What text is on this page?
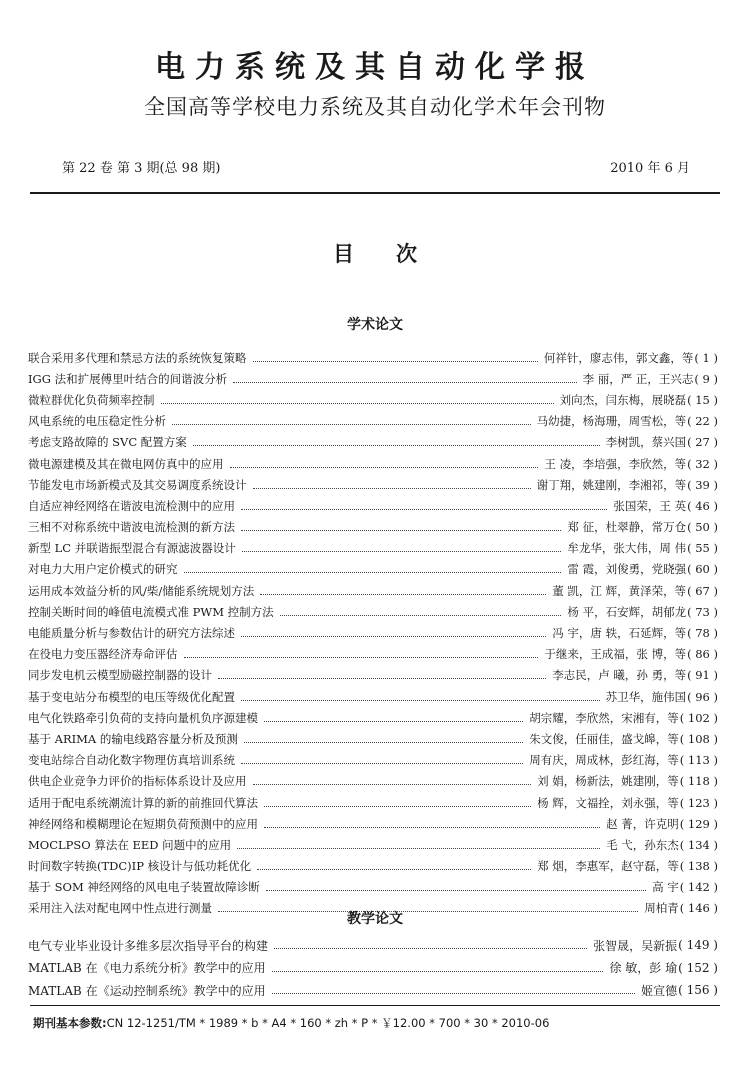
电力系统及其自动化学报
全国高等学校电力系统及其自动化学术年会刊物
第 22 卷 第 3 期(总 98 期)	2010 年 6 月
目次
学术论文
联合采用多代理和禁忌方法的系统恢复策略	何祥针，廖志伟，郭文鑫，等 ( 1 )
IGG 法和扩展傅里叶结合的间谐波分析	李 丽，严 正，王兴志 ( 9 )
微粒群优化负荷频率控制	刘向杰，闫东梅，展晓磊 ( 15 )
风电系统的电压稳定性分析	马幼捷，杨海珊，周雪松，等 ( 22 )
考虑支路故障的 SVC 配置方案	李树凯，蔡兴国 ( 27 )
微电源建模及其在微电网仿真中的应用	王 凌，李培强，李欣然，等 ( 32 )
节能发电市场新模式及其交易调度系统设计	谢丁翔，姚建刚，李湘祁，等 ( 39 )
自适应神经网络在谐波电流检测中的应用	张国荣，王 英 ( 46 )
三相不对称系统中谐波电流检测的新方法	郑 征，杜翠静，常万仓 ( 50 )
新型 LC 并联谐振型混合有源滤波器设计	牟龙华，张大伟，周 伟 ( 55 )
对电力大用户定价模式的研究	雷 霞，刘俊勇，党晓强 ( 60 )
运用成本效益分析的风/柴/储能系统规划方法	董 凯，江 辉，黄泽荣，等 ( 67 )
控制关断时间的峰值电流模式准 PWM 控制方法	杨 平，石安辉，胡郁龙 ( 73 )
电能质量分析与参数估计的研究方法综述	冯 宇，唐 轶，石延辉，等 ( 78 )
在役电力变压器经济寿命评估	于继来，王成福，张 博，等 ( 86 )
同步发电机云模型励磁控制器的设计	李志民，卢 曦，孙 勇，等 ( 91 )
基于变电站分布模型的电压等级优化配置	苏卫华，施伟国 ( 96 )
电气化铁路牵引负荷的支持向量机负序源建模	胡宗耀，李欣然，宋湘有，等 ( 102 )
基于 ARIMA 的输电线路容量分析及预测	朱文俊，任丽佳，盛戈皞，等 ( 108 )
变电站综合自动化数字物理仿真培训系统	周有庆，周成林，彭红海，等 ( 113 )
供电企业竞争力评价的指标体系设计及应用	刘 娟，杨新法，姚建刚，等 ( 118 )
适用于配电系统潮流计算的新的前推回代算法	杨 辉，文福拴，刘永强，等 ( 123 )
神经网络和模糊理论在短期负荷预测中的应用	赵 菁，许克明 ( 129 )
MOCLPSO 算法在 EED 问题中的应用	毛 弋，孙东杰 ( 134 )
时间数字转换(TDC)IP 核设计与低功耗优化	郑 烟，李惠军，赵守磊，等 ( 138 )
基于 SOM 神经网络的风电电子装置故障诊断	高 宇 ( 142 )
采用注入法对配电网中性点进行测量	周柏青 ( 146 )
教学论文
电气专业毕业设计多维多层次指导平台的构建	张智晟，吴新振 ( 149 )
MATLAB 在《电力系统分析》教学中的应用	徐 敏，彭 瑜 ( 152 )
MATLAB 在《运动控制系统》教学中的应用	姬宣德 ( 156 )
期刊基本参数:CN 12-1251/TM * 1989 * b * A4 * 160 * zh * P * ￥12.00 * 700 * 30 * 2010-06
